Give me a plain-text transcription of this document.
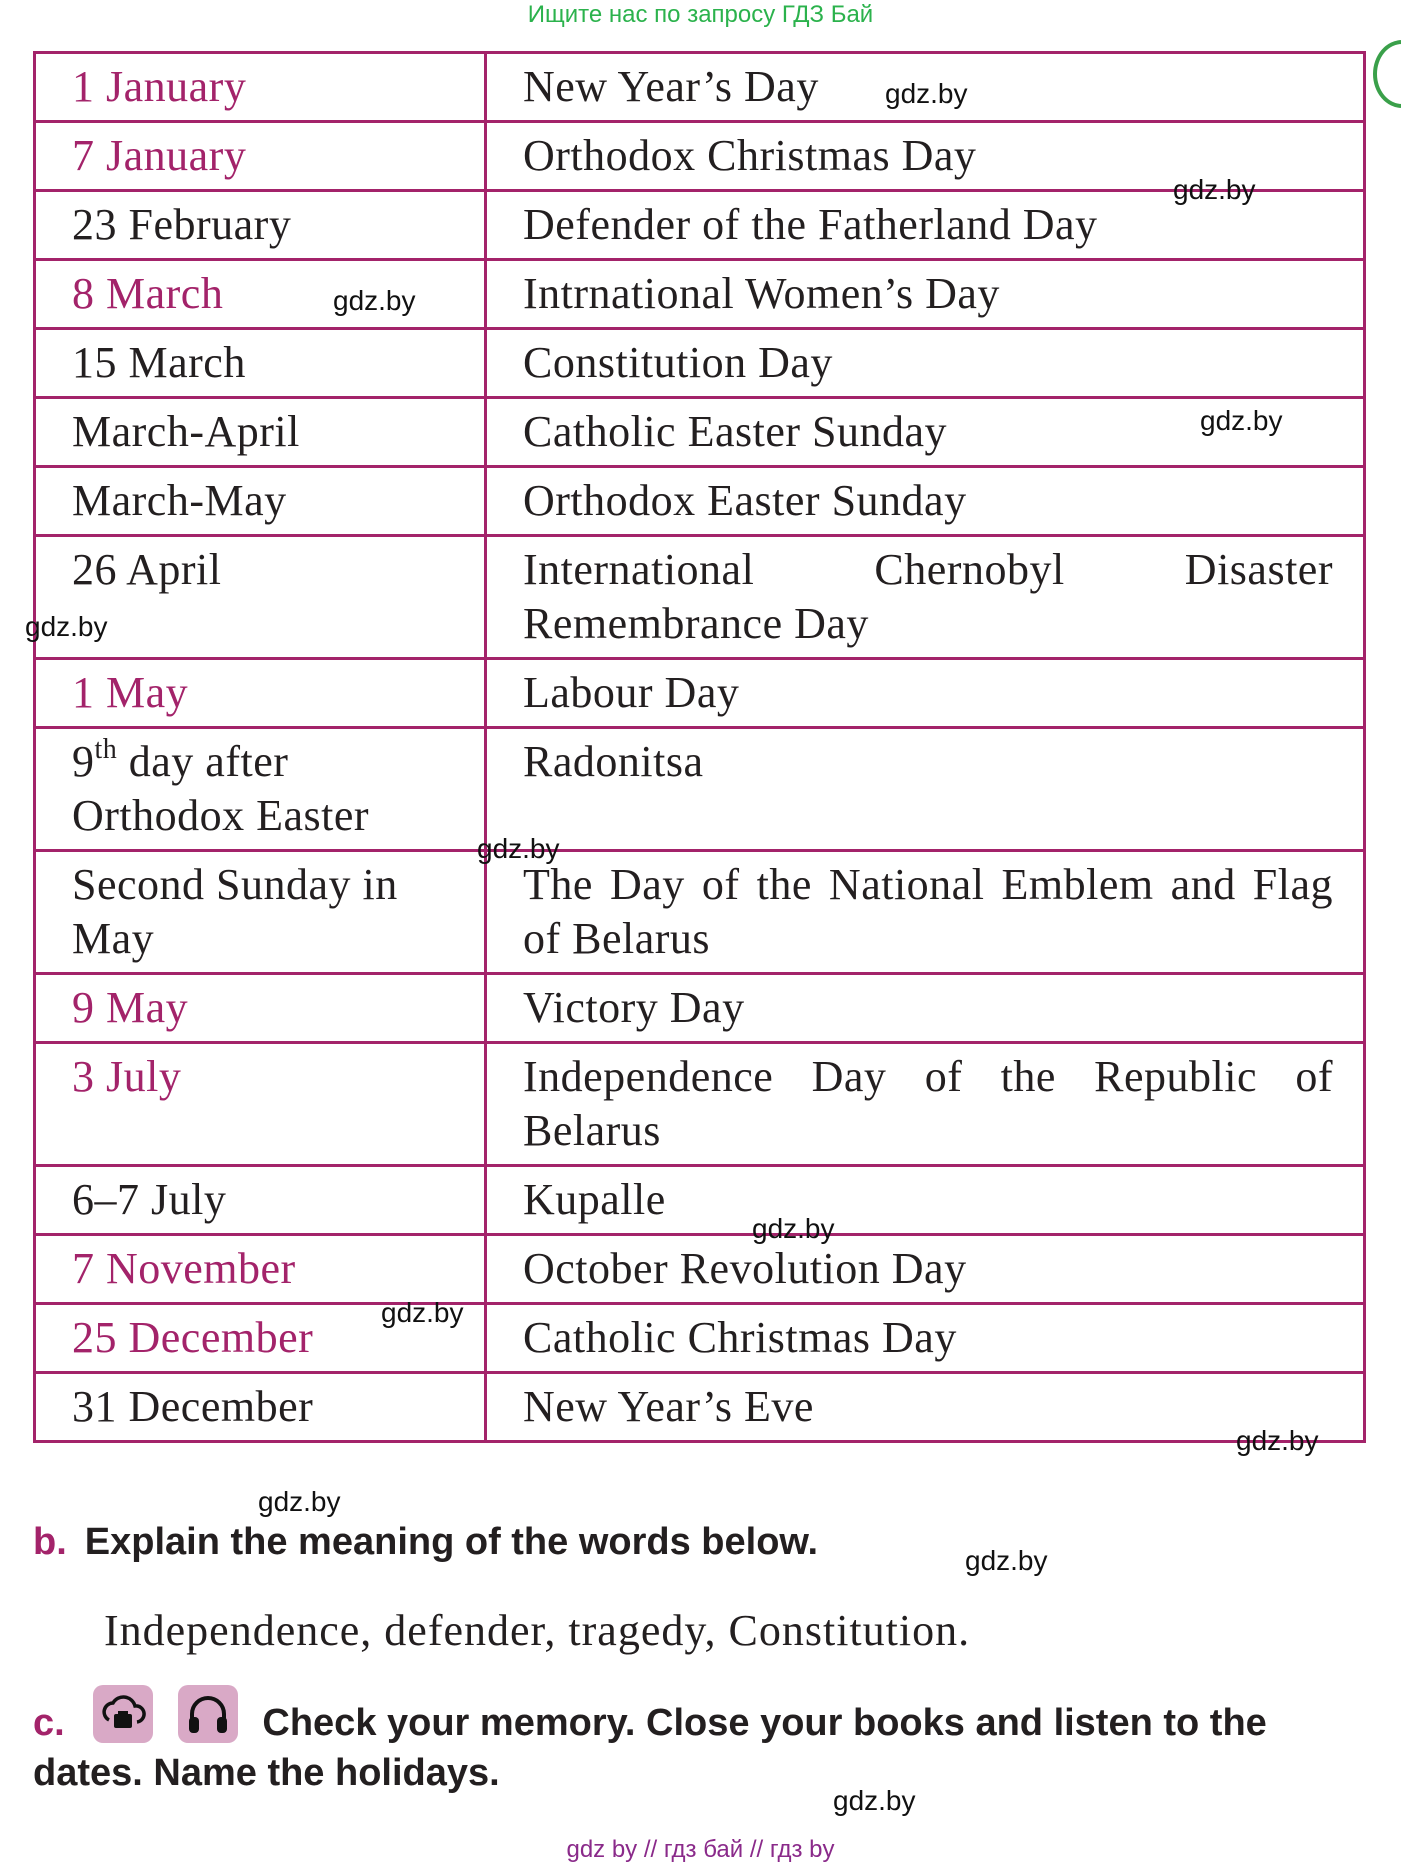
Ищите нас по запросу ГДЗ Бай
1 January	New Year’s Day
7 January	Orthodox Christmas Day
23 February	Defender of the Fatherland Day
8 March	Intrnational Women’s Day
15 March	Constitution Day
March-April	Catholic Easter Sunday
March-May	Orthodox Easter Sunday
26 April	International Chernobyl Disaster Remembrance Day
1 May	Labour Day
9th day after Orthodox Easter	Radonitsa
Second Sunday in May	The Day of the National Emblem and Flag of Belarus
9 May	Victory Day
3 July	Independence Day of the Republic of Belarus
6–7 July	Kupalle
7 November	October Revolution Day
25 December	Catholic Christmas Day
31 December	New Year’s Eve
gdz.by
gdz.by
gdz.by
gdz.by
gdz.by
gdz.by
gdz.by
gdz.by
gdz.by
gdz.by
gdz.by
gdz.by
b. Explain the meaning of the words below.
Independence, defender, tragedy, Constitution.
c.
	Check your memory. Close your books and listen to the dates. Name the holidays.
gdz by // гдз бай // гдз by
